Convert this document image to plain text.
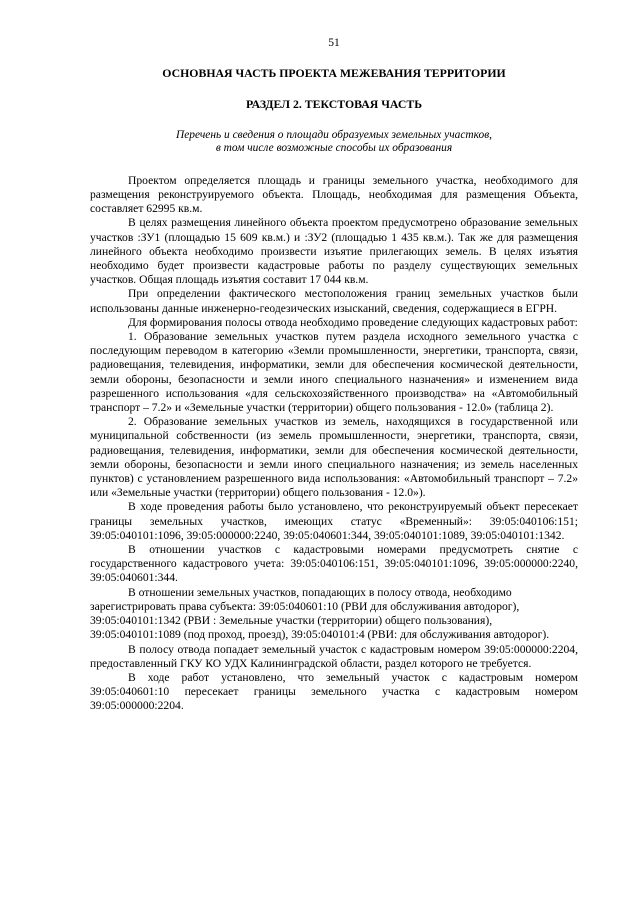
51
ОСНОВНАЯ ЧАСТЬ ПРОЕКТА МЕЖЕВАНИЯ ТЕРРИТОРИИ
РАЗДЕЛ 2. ТЕКСТОВАЯ ЧАСТЬ
Перечень и сведения о площади образуемых земельных участков,
в том числе возможные способы их образования

Проектом определяется площадь и границы земельного участка, необходимого для размещения реконструируемого объекта. Площадь, необходимая для размещения Объекта, составляет 62995 кв.м.

В целях размещения линейного объекта проектом предусмотрено образование земельных участков :ЗУ1 (площадью 15 609 кв.м.) и :ЗУ2 (площадью 1 435 кв.м.). Так же для размещения линейного объекта необходимо произвести изъятие прилегающих земель. В целях изъятия необходимо будет произвести кадастровые работы по разделу существующих земельных участков. Общая площадь изъятия составит 17 044 кв.м.

При определении фактического местоположения границ земельных участков были использованы данные инженерно-геодезических изысканий, сведения, содержащиеся в ЕГРН.

Для формирования полосы отвода необходимо проведение следующих кадастровых работ:

1. Образование земельных участков путем раздела исходного земельного участка с последующим переводом в категорию «Земли промышленности, энергетики, транспорта, связи, радиовещания, телевидения, информатики, земли для обеспечения космической деятельности, земли обороны, безопасности и земли иного специального назначения» и изменением вида разрешенного использования «для сельскохозяйственного производства» на «Автомобильный транспорт – 7.2» и «Земельные участки (территории) общего пользования - 12.0» (таблица 2).

2. Образование земельных участков из земель, находящихся в государственной или муниципальной собственности (из земель промышленности, энергетики, транспорта, связи, радиовещания, телевидения, информатики, земли для обеспечения космической деятельности, земли обороны, безопасности и земли иного специального назначения; из земель населенных пунктов) с установлением разрешенного вида использования: «Автомобильный транспорт – 7.2» или «Земельные участки (территории) общего пользования - 12.0»).

В ходе проведения работы было установлено, что реконструируемый объект пересекает границы земельных участков, имеющих статус «Временный»: 39:05:040106:151; 39:05:040101:1096, 39:05:000000:2240, 39:05:040601:344, 39:05:040101:1089, 39:05:040101:1342.

В отношении участков с кадастровыми номерами предусмотреть снятие с государственного кадастрового учета: 39:05:040106:151, 39:05:040101:1096, 39:05:000000:2240, 39:05:040601:344.

В отношении земельных участков, попадающих в полосу отвода, необходимо зарегистрировать права субъекта: 39:05:040601:10 (РВИ для обслуживания автодорог), 39:05:040101:1342 (РВИ : Земельные участки (территории) общего пользования), 39:05:040101:1089 (под проход, проезд), 39:05:040101:4 (РВИ: для обслуживания автодорог).

В полосу отвода попадает земельный участок с кадастровым номером 39:05:000000:2204, предоставленный ГКУ КО УДХ Калининградской области, раздел которого не требуется.

В ходе работ установлено, что земельный участок с кадастровым номером 39:05:040601:10 пересекает границы земельного участка с кадастровым номером 39:05:000000:2204.
